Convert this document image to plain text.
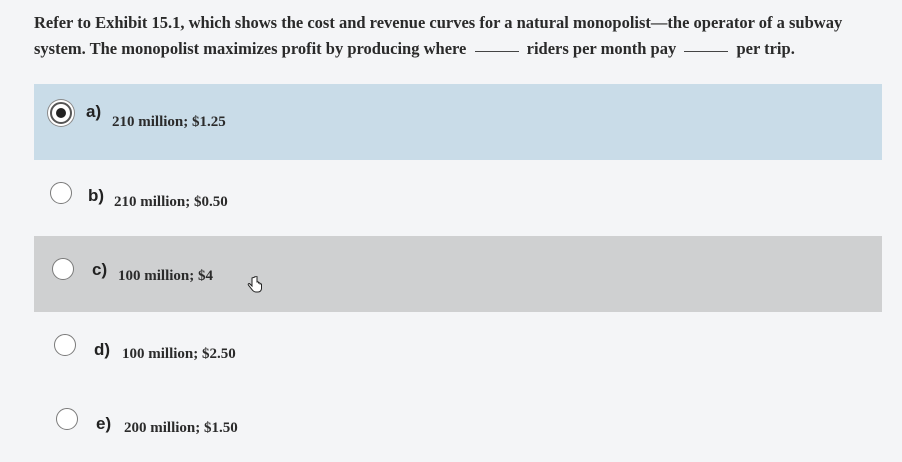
Refer to Exhibit 15.1, which shows the cost and revenue curves for a natural monopolist—the operator of a subway system. The monopolist maximizes profit by producing where	riders per month pay	per trip.
a)
210 million; $1.25
b) 210 million; $0.50
c) 100 million; $4
d) 100 million; $2.50
e) 200 million; $1.50
